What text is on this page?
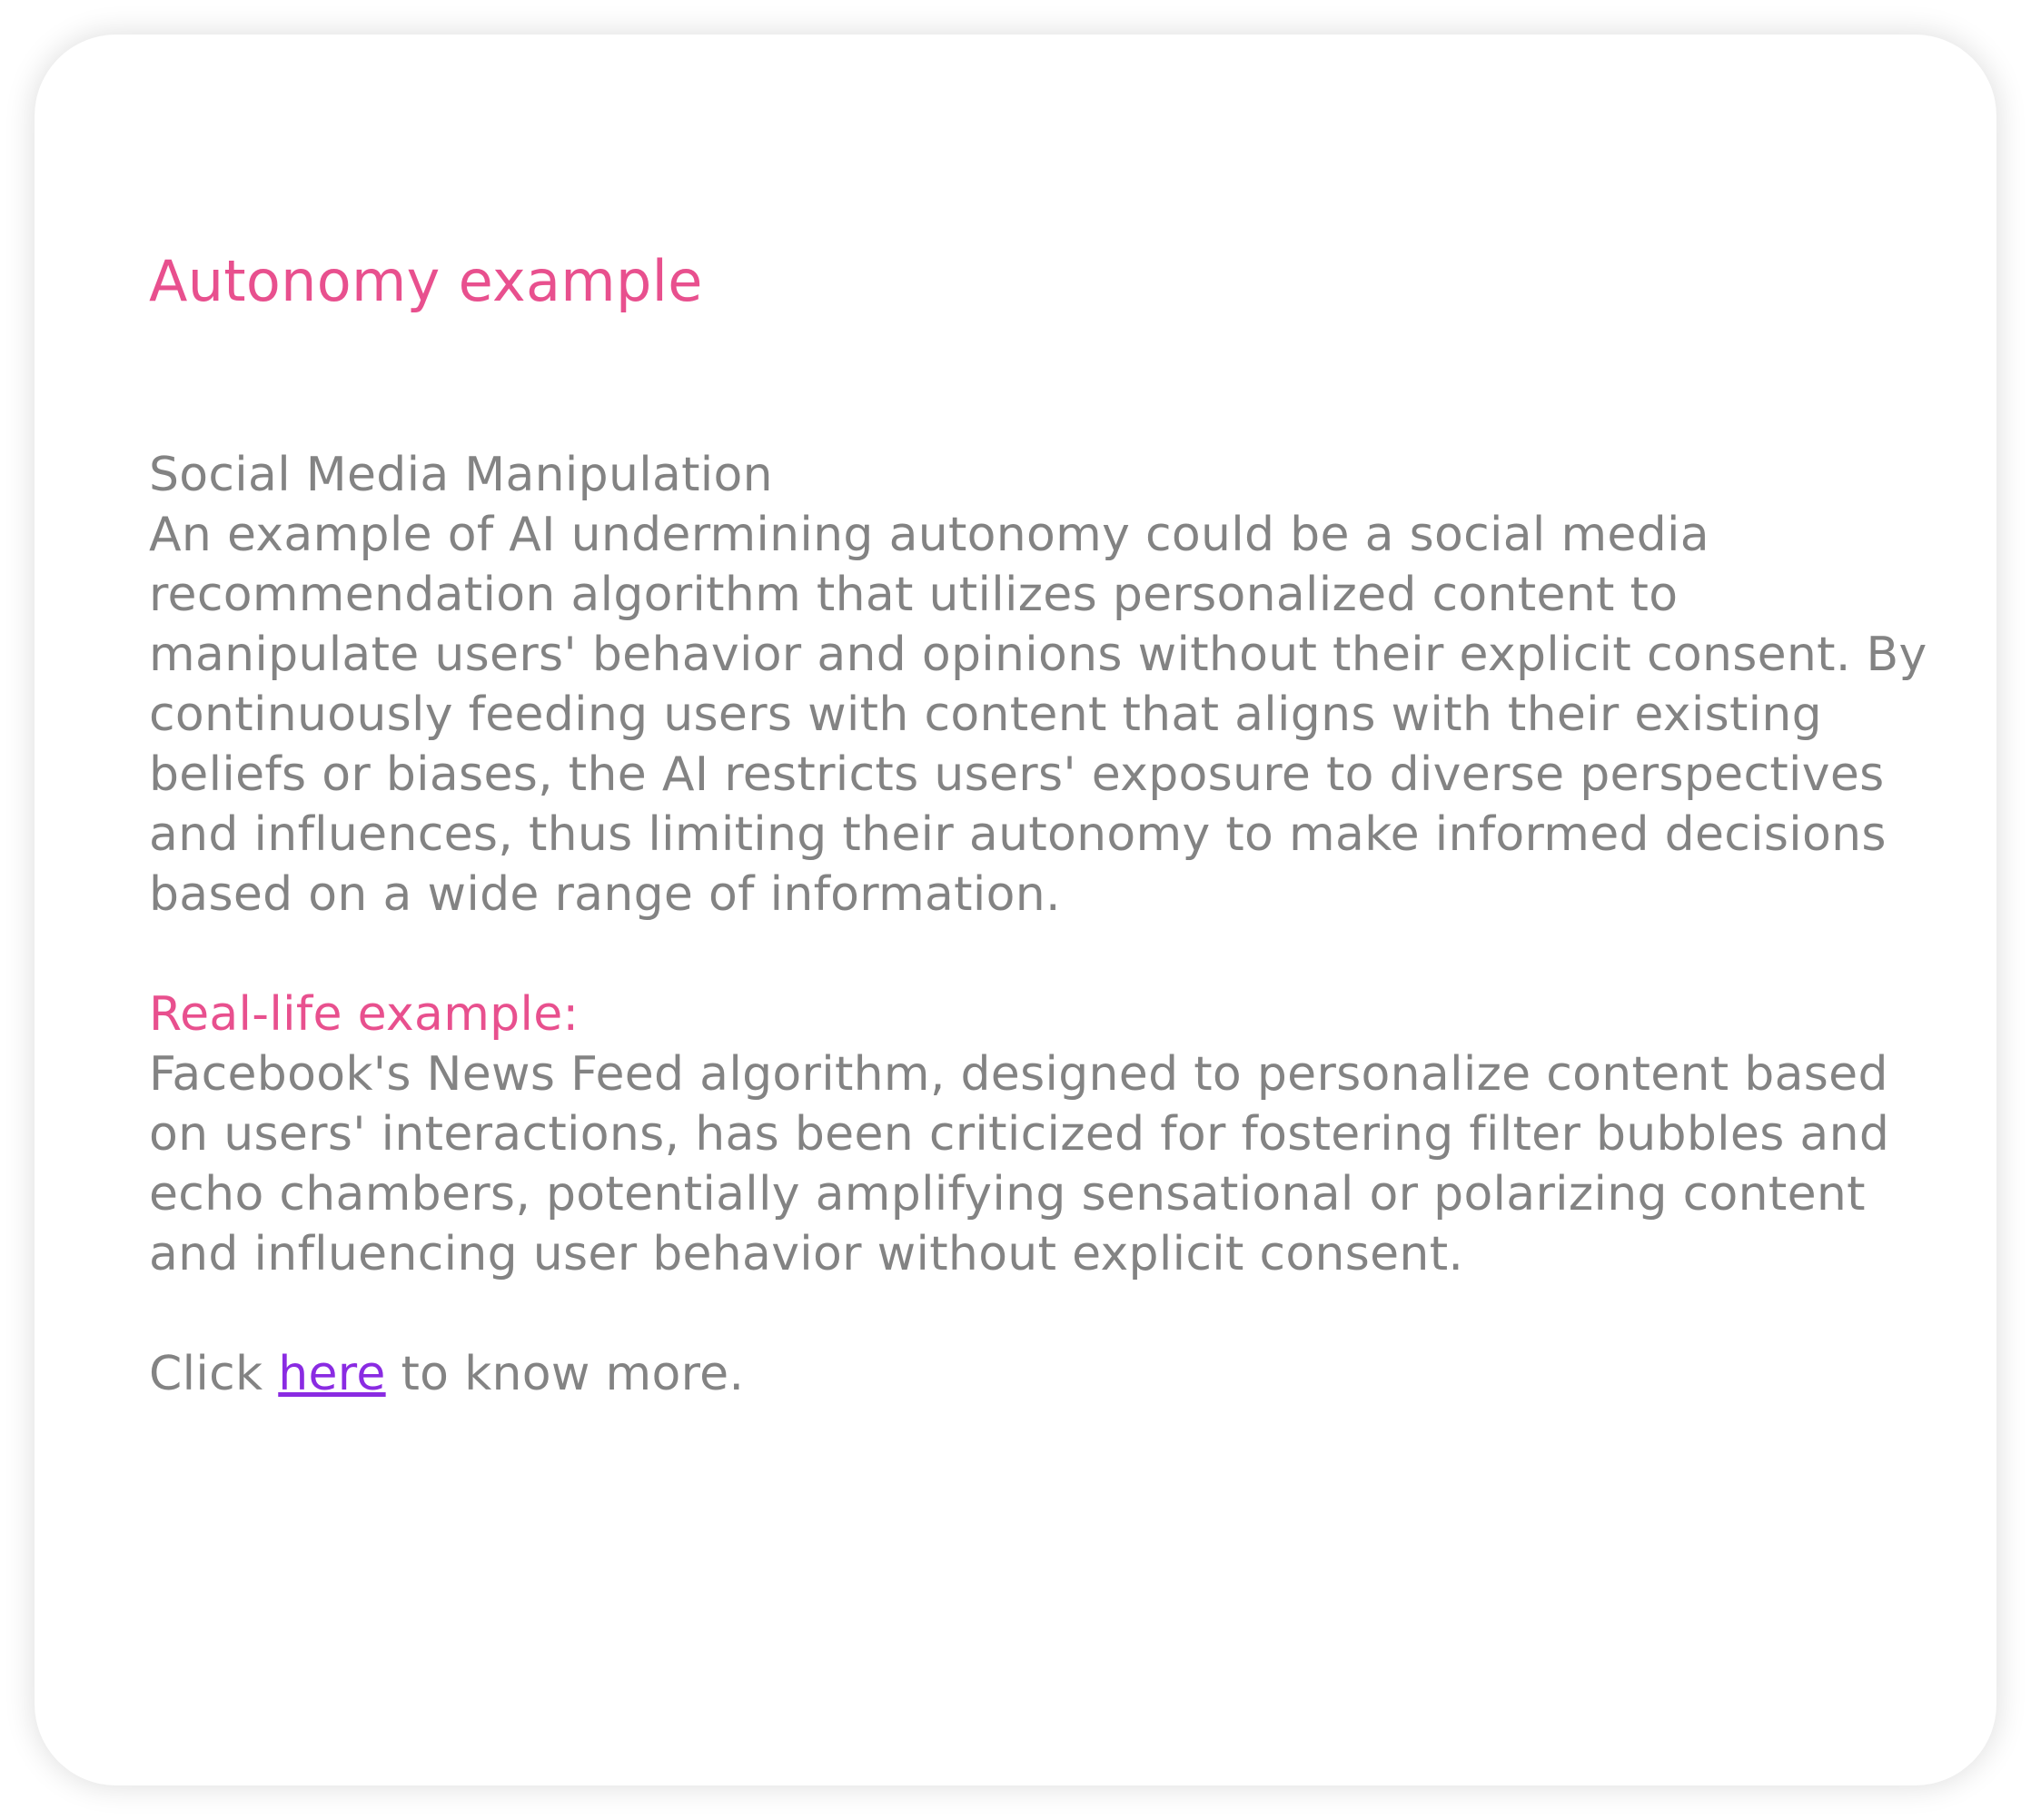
Autonomy example
Social Media Manipulation
An example of AI undermining autonomy could be a social media recommendation algorithm that utilizes personalized content to manipulate users' behavior and opinions without their explicit consent. By continuously feeding users with content that aligns with their existing beliefs or biases, the AI restricts users' exposure to diverse perspectives and influences, thus limiting their autonomy to make informed decisions based on a wide range of information.
Real-life example:
Facebook's News Feed algorithm, designed to personalize content based on users' interactions, has been criticized for fostering filter bubbles and echo chambers, potentially amplifying sensational or polarizing content and influencing user behavior without explicit consent.
Click here to know more.
